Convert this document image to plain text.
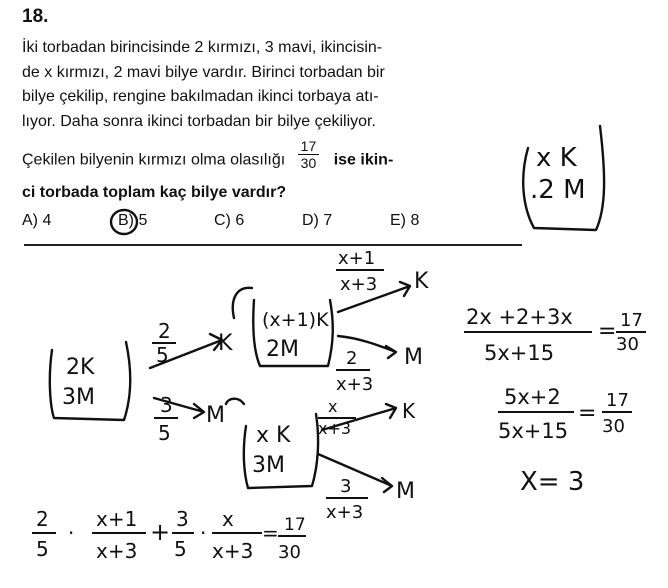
18.

İki torbadan birincisinde 2 kırmızı, 3 mavi, ikincisin-

de x kırmızı, 2 mavi bilye vardır. Birinci torbadan bir

bilye çekilip, rengine bakılmadan ikinci torbaya atı-

lıyor. Daha sonra ikinci torbadan bir bilye çekiliyor.

Çekilen bilyenin kırmızı olma olasılığı $\frac{17}{30}$ ise ikin-

ci torbada toplam kaç bilye vardır?

A) 4	B) 5	C) 6	D) 7	E) 8
x K
.2 M
2K
3M
2
5
3
5
K
M
(x+1)K
2M
x K
3M
x+1
x+3 K
2
x+3
M
x
x+3
K
3
x+3
M
2x +2+3x
5x+15
= 17
30
5x+2
5x+15
=
17
30
X= 3
2
5
·
x+1
x+3
+ 3
5
·
x
x+3
= 17
30
